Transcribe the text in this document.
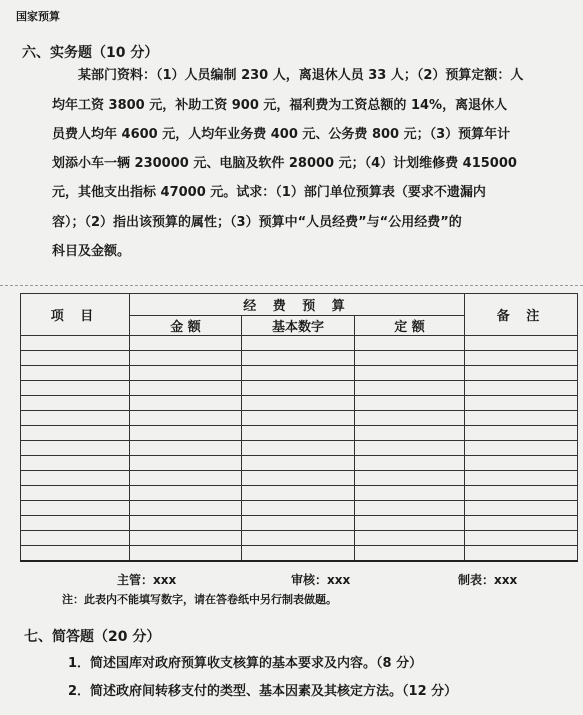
国家预算
六、实务题（10 分）
某部门资料：（1）人员编制 230 人，离退休人员 33 人；（2）预算定额：人
均年工资 3800 元，补助工资 900 元，福利费为工资总额的 14%，离退休人
员费人均年 4600 元，人均年业务费 400 元、公务费 800 元；（3）预算年计
划添小车一辆 230000 元、电脑及软件 28000 元；（4）计划维修费 415000
元，其他支出指标 47000 元。试求：（1）部门单位预算表（要求不遗漏内
容）；（2）指出该预算的属性；（3）预算中“人员经费”与“公用经费”的
科目及金额。
项 目	经 费 预 算			备 注
	金 额	基本数字	定 额	

主管：xxx	审核：xxx	制表：xxx
注：此表内不能填写数字，请在答卷纸中另行制表做题。
七、简答题（20 分）
1．简述国库对政府预算收支核算的基本要求及内容。（8 分）
2．简述政府间转移支付的类型、基本因素及其核定方法。（12 分）
